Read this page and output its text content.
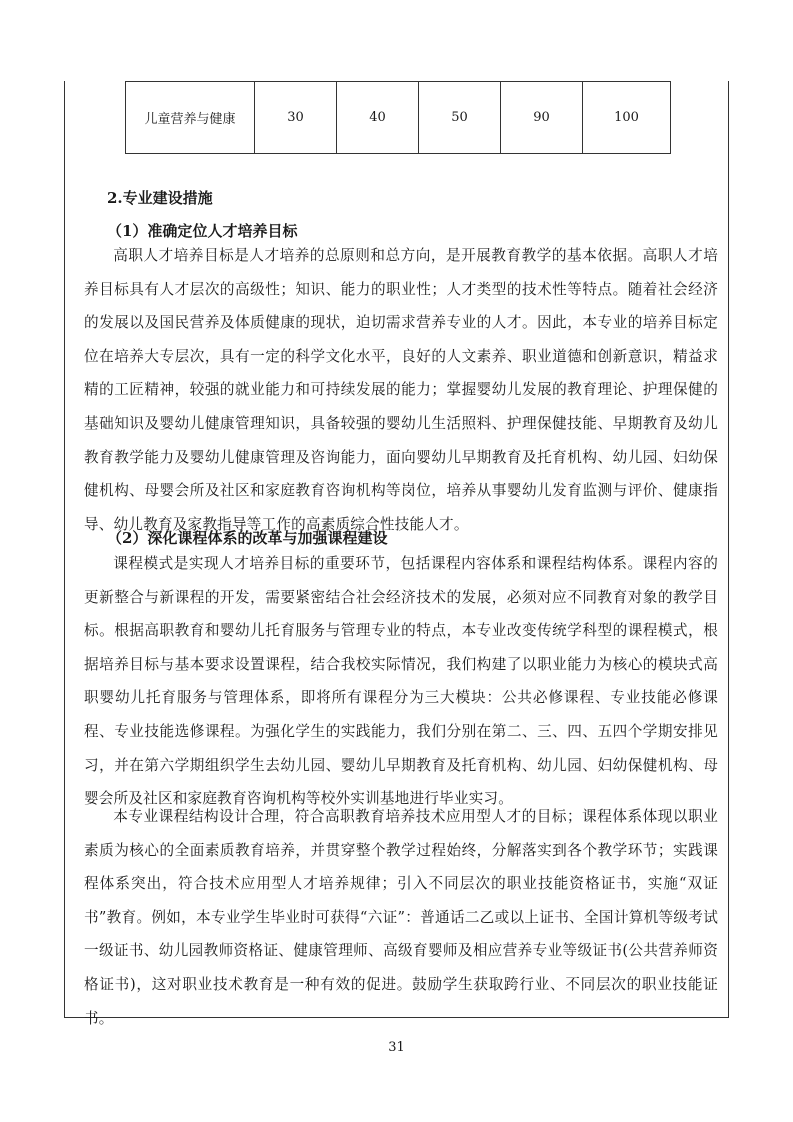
儿童营养与健康	30	40	50	90	100
2.专业建设措施
（1）准确定位人才培养目标

高职人才培养目标是人才培养的总原则和总方向，是开展教育教学的基本依据。高职人才培养目标具有人才层次的高级性；知识、能力的职业性；人才类型的技术性等特点。随着社会经济的发展以及国民营养及体质健康的现状，迫切需求营养专业的人才。因此，本专业的培养目标定位在培养大专层次，具有一定的科学文化水平，良好的人文素养、职业道德和创新意识，精益求精的工匠精神，较强的就业能力和可持续发展的能力；掌握婴幼儿发展的教育理论、护理保健的基础知识及婴幼儿健康管理知识，具备较强的婴幼儿生活照料、护理保健技能、早期教育及幼儿教育教学能力及婴幼儿健康管理及咨询能力，面向婴幼儿早期教育及托育机构、幼儿园、妇幼保健机构、母婴会所及社区和家庭教育咨询机构等岗位，培养从事婴幼儿发育监测与评价、健康指导、幼儿教育及家教指导等工作的高素质综合性技能人才。

（2）深化课程体系的改革与加强课程建设

课程模式是实现人才培养目标的重要环节，包括课程内容体系和课程结构体系。课程内容的更新整合与新课程的开发，需要紧密结合社会经济技术的发展，必须对应不同教育对象的教学目标。根据高职教育和婴幼儿托育服务与管理专业的特点，本专业改变传统学科型的课程模式，根据培养目标与基本要求设置课程，结合我校实际情况，我们构建了以职业能力为核心的模块式高职婴幼儿托育服务与管理体系，即将所有课程分为三大模块：公共必修课程、专业技能必修课程、专业技能选修课程。为强化学生的实践能力，我们分别在第二、三、四、五四个学期安排见习，并在第六学期组织学生去幼儿园、婴幼儿早期教育及托育机构、幼儿园、妇幼保健机构、母婴会所及社区和家庭教育咨询机构等校外实训基地进行毕业实习。

本专业课程结构设计合理，符合高职教育培养技术应用型人才的目标；课程体系体现以职业素质为核心的全面素质教育培养，并贯穿整个教学过程始终，分解落实到各个教学环节；实践课程体系突出，符合技术应用型人才培养规律；引入不同层次的职业技能资格证书，实施“双证书”教育。例如，本专业学生毕业时可获得“六证”：普通话二乙或以上证书、全国计算机等级考试一级证书、幼儿园教师资格证、健康管理师、高级育婴师及相应营养专业等级证书(公共营养师资格证书)，这对职业技术教育是一种有效的促进。鼓励学生获取跨行业、不同层次的职业技能证书。

31
